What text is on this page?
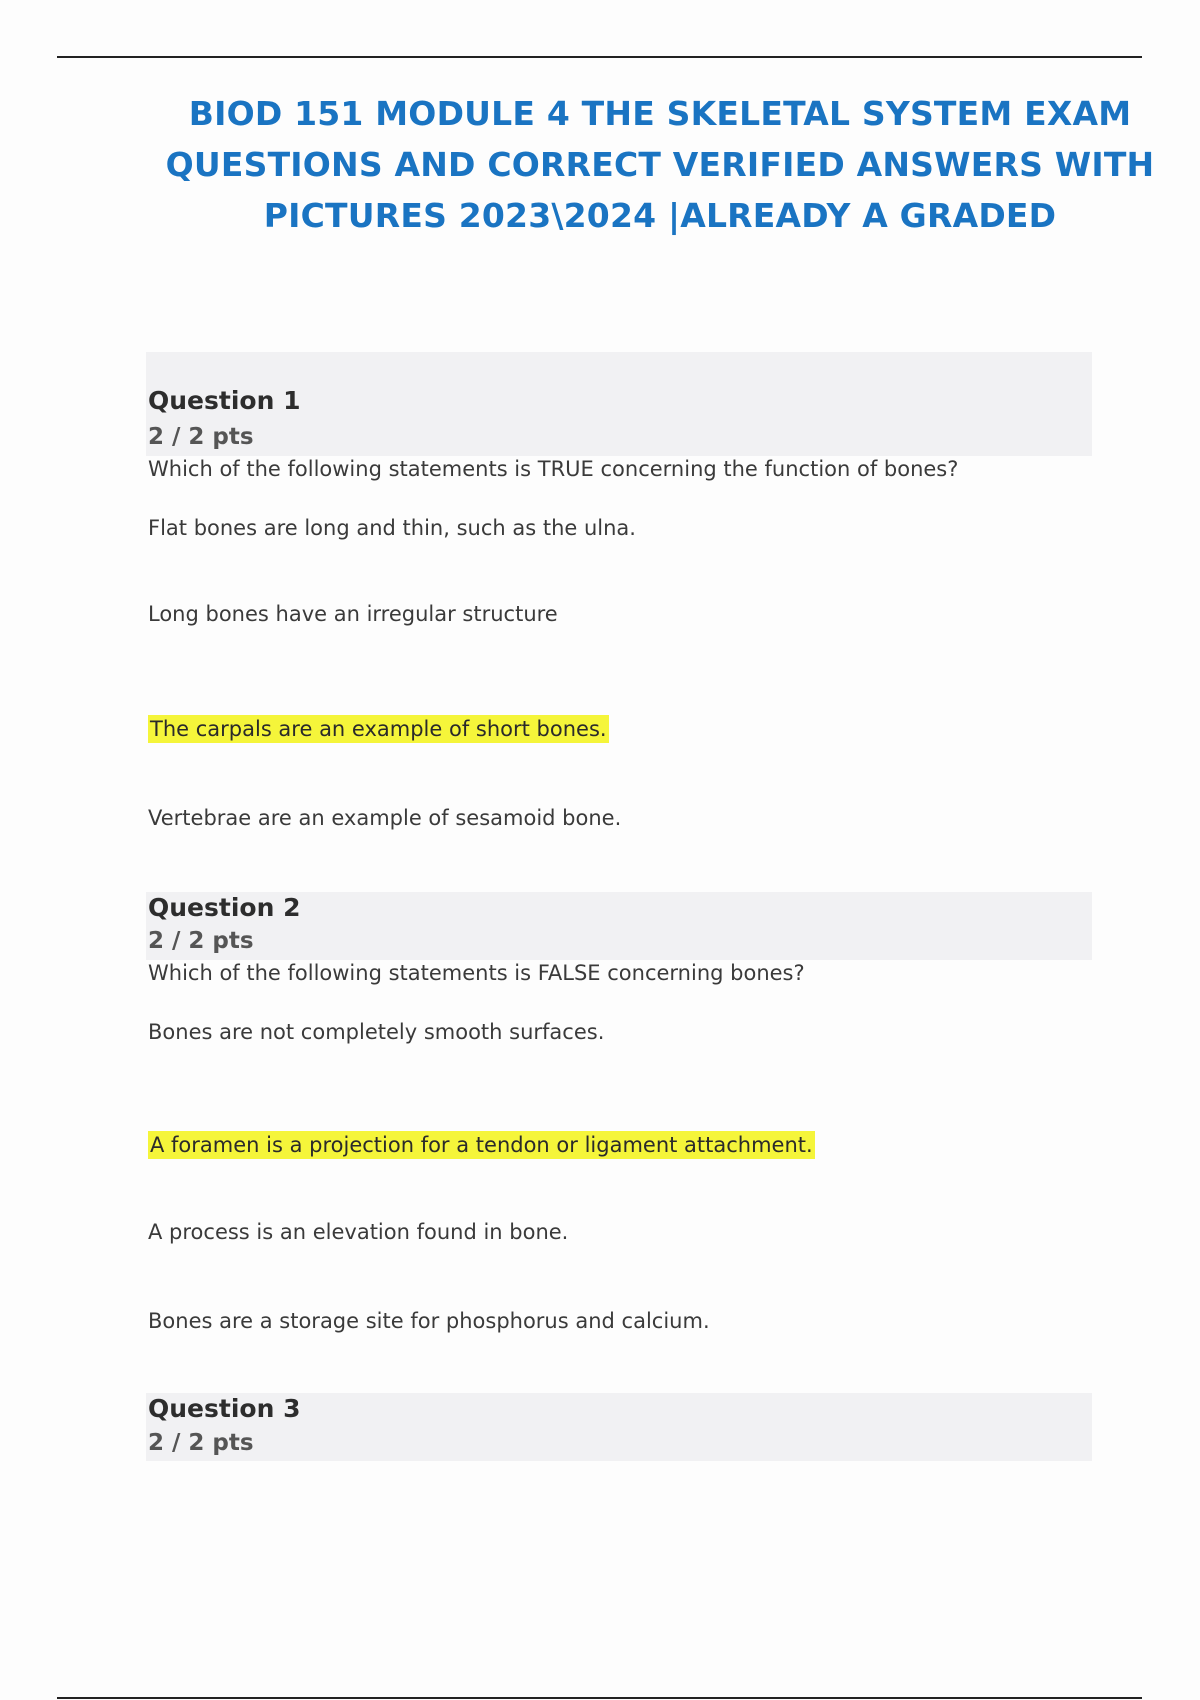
BIOD 151 MODULE 4 THE SKELETAL SYSTEM EXAM QUESTIONS AND CORRECT VERIFIED ANSWERS WITH PICTURES 2023\2024 |ALREADY A GRADED
Question 1
2 / 2 pts

Which of the following statements is TRUE concerning the function of bones?

Flat bones are long and thin, such as the ulna.

Long bones have an irregular structure

The carpals are an example of short bones.

Vertebrae are an example of sesamoid bone.

Question 2
2 / 2 pts

Which of the following statements is FALSE concerning bones?

Bones are not completely smooth surfaces.

A foramen is a projection for a tendon or ligament attachment.

A process is an elevation found in bone.

Bones are a storage site for phosphorus and calcium.

Question 3
2 / 2 pts
